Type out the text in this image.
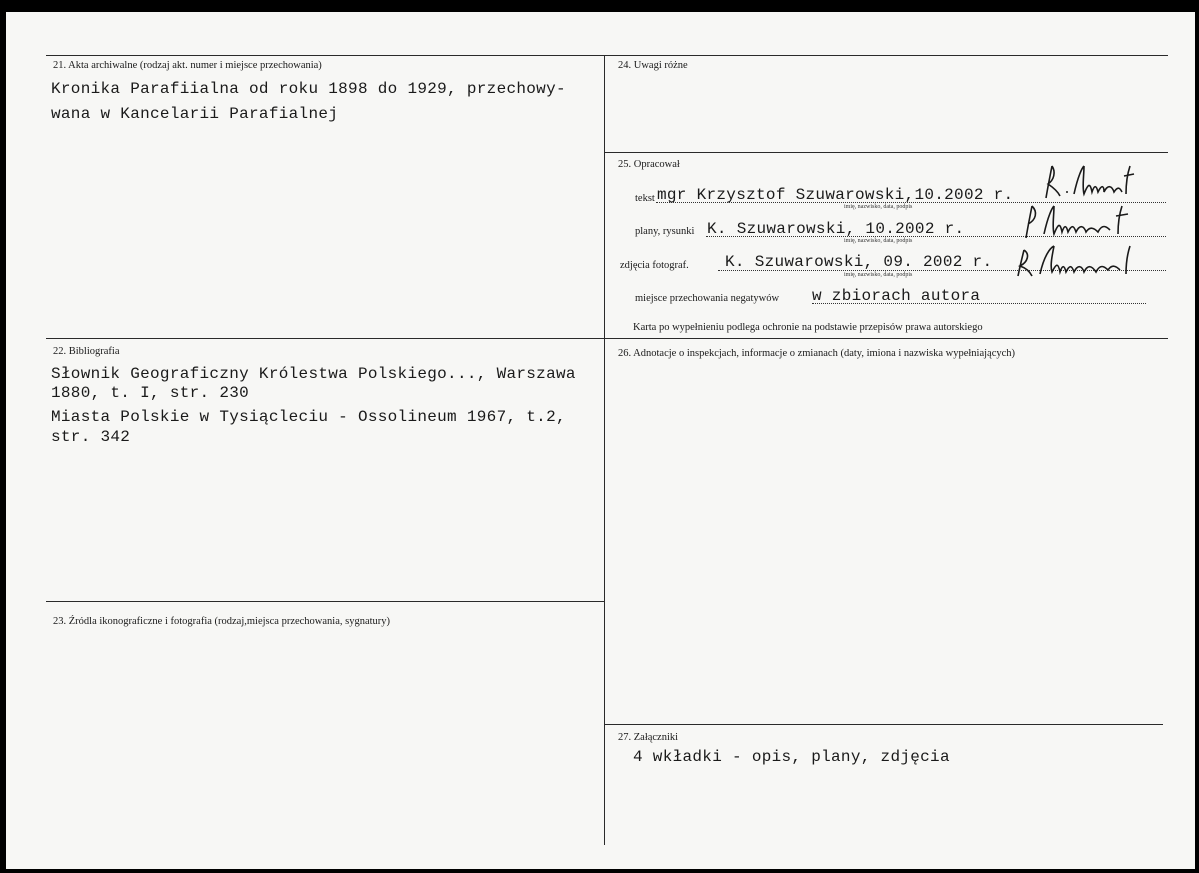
21. Akta archiwalne (rodzaj akt. numer i miejsce przechowania)
Kronika Parafiialna od roku 1898 do 1929, przechowy-
wana w Kancelarii Parafialnej
24. Uwagi różne
25. Opracował
tekst mgr Krzysztof Szuwarowski,10.2002 r.
imię, nazwisko, data, podpis
plany, rysunki K. Szuwarowski, 10.2002 r.
imię, nazwisko, data, podpis
zdjęcia fotograf. K. Szuwarowski, 09. 2002 r.
imię, nazwisko, data, podpis
miejsce przechowania negatywów w zbiorach autora
Karta po wypełnieniu podlega ochronie na podstawie przepisów prawa autorskiego
22. Bibliografia
Słownik Geograficzny Królestwa Polskiego..., Warszawa
1880, t. I, str. 230
Miasta Polskie w Tysiącleciu - Ossolineum 1967, t.2,
str. 342
26. Adnotacje o inspekcjach, informacje o zmianach (daty, imiona i nazwiska wypełniających)
23. Źródla ikonograficzne i fotografia (rodzaj,miejsca przechowania, sygnatury)
27. Załączniki
4 wkładki - opis, plany, zdjęcia
